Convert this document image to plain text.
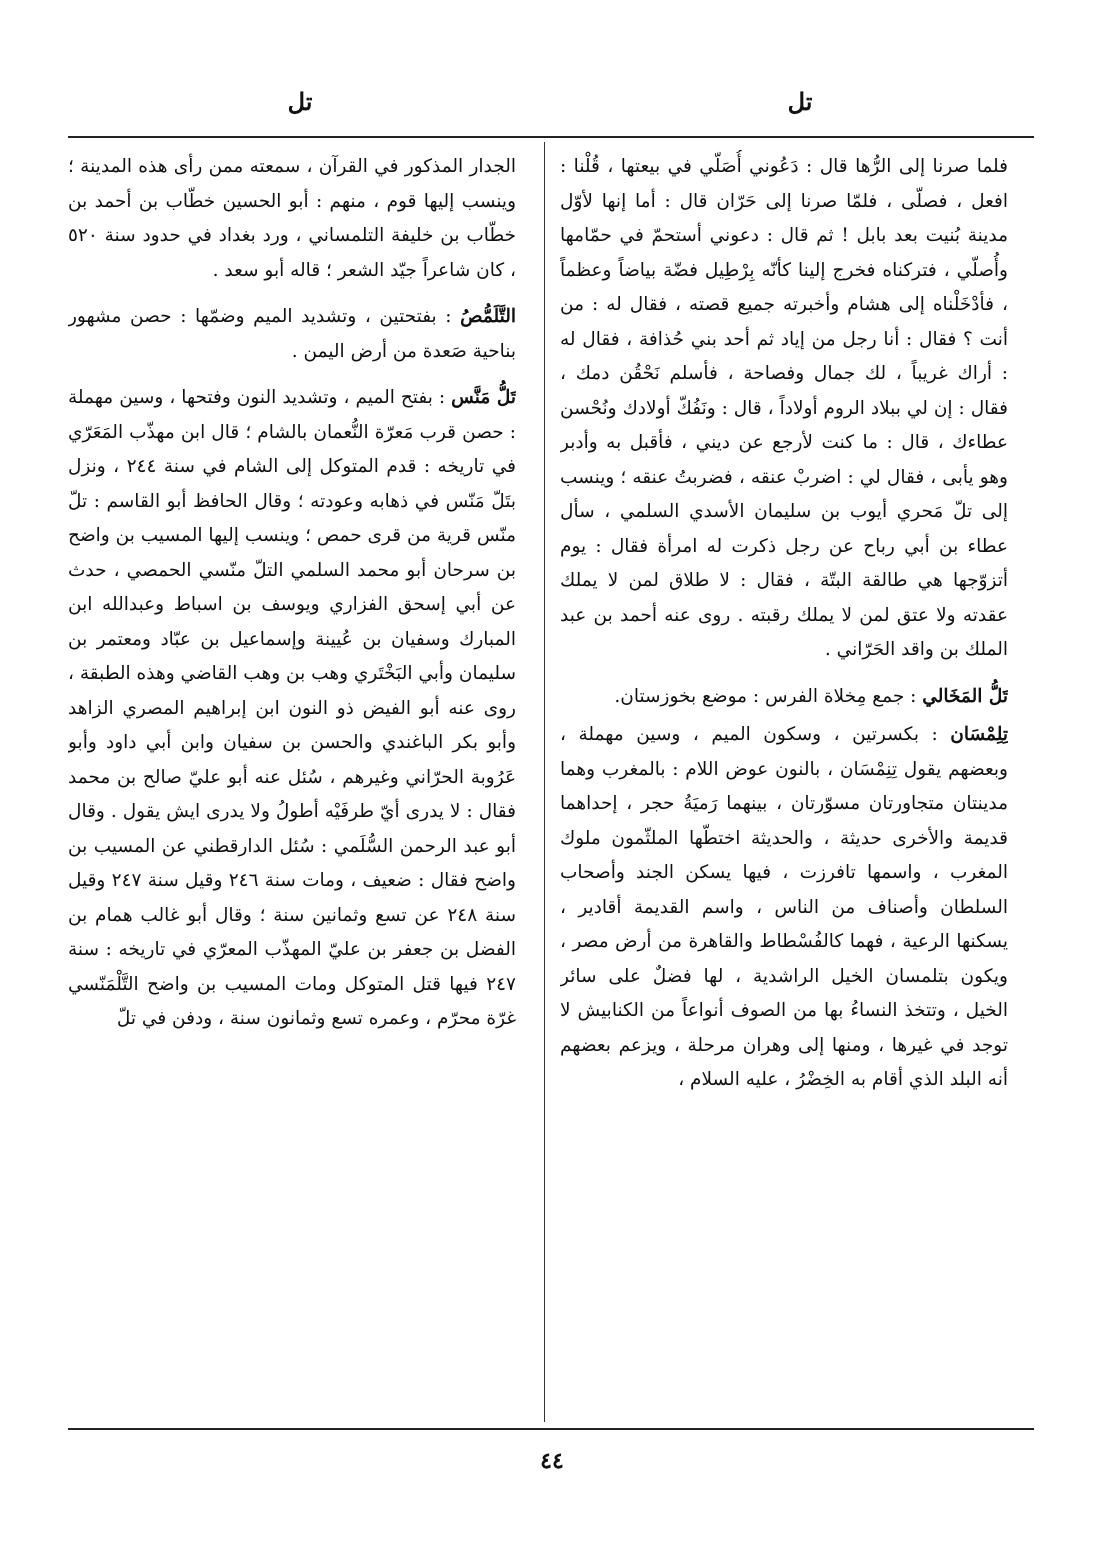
تل
تل

فلما صرنا إلى الرُّها قال : دَعُوني أُصَلّي في بيعتها ، قُلْنا : افعل ، فصلّى ، فلمّا صرنا إلى حَرّان قال : أما إنها لأوّل مدينة بُنيت بعد بابل ! ثم قال : دعوني أستحمّ في حمّامها وأُصلّي ، فتركناه فخرج إلينا كأنّه بِرْطِيل فضّة بياضاً وعظماً ، فأدْخَلْناه إلى هشام وأخبرته جميع قصته ، فقال له : من أنت ؟ فقال : أنا رجل من إياد ثم أحد بني حُذافة ، فقال له : أراك غريباً ، لك جمال وفصاحة ، فأسلم نَحْقُن دمك ، فقال : إن لي ببلاد الروم أولاداً ، قال : ونَفُكّ أولادك ونُحْسن عطاءك ، قال : ما كنت لأرجع عن ديني ، فأقبل به وأدبر وهو يأبى ، فقال لي : اضربْ عنقه ، فضربتُ عنقه ؛ وينسب إلى تلّ مَحري أيوب بن سليمان الأسدي السلمي ، سأل عطاء بن أبي رباح عن رجل ذكرت له امرأة فقال : يوم أتزوّجها هي طالقة البتّة ، فقال : لا طلاق لمن لا يملك عقدته ولا عتق لمن لا يملك رقبته . روى عنه أحمد بن عبد الملك بن واقد الحَرّاني .

تَلُّ المَخَالي : جمع مِخلاة الفرس : موضع بخوزستان.

تِلِمْسَان : بكسرتين ، وسكون الميم ، وسين مهملة ، وبعضهم يقول تِنِمْسَان ، بالنون عوض اللام : بالمغرب وهما مدينتان متجاورتان مسوّرتان ، بينهما رَميَةُ حجر ، إحداهما قديمة والأخرى حديثة ، والحديثة اختطّها الملثّمون ملوك المغرب ، واسمها تافرزت ، فيها يسكن الجند وأصحاب السلطان وأصناف من الناس ، واسم القديمة أقادير ، يسكنها الرعية ، فهما كالفُسْطاط والقاهرة من أرض مصر ، ويكون بتلمسان الخيل الراشدية ، لها فضلٌ على سائر الخيل ، وتتخذ النساءُ بها من الصوف أنواعاً من الكنابيش لا توجد في غيرها ، ومنها إلى وهران مرحلة ، ويزعم بعضهم أنه البلد الذي أقام به الخِضْرُ ، عليه السلام ،

الجدار المذكور في القرآن ، سمعته ممن رأى هذه المدينة ؛ وينسب إليها قوم ، منهم : أبو الحسين خطّاب بن أحمد بن خطّاب بن خليفة التلمساني ، ورد بغداد في حدود سنة ٥٢٠ ، كان شاعراً جيّد الشعر ؛ قاله أبو سعد .

التَّلَمُّصُ : بفتحتين ، وتشديد الميم وضمّها : حصن مشهور بناحية صَعدة من أرض اليمن .

تَلُّ مَنَّس : بفتح الميم ، وتشديد النون وفتحها ، وسين مهملة : حصن قرب مَعرّة النُّعمان بالشام ؛ قال ابن مهذّب المَعَرّي في تاريخه : قدم المتوكل إلى الشام في سنة ٢٤٤ ، ونزل بتَلّ مَنّس في ذهابه وعودته ؛ وقال الحافظ أبو القاسم : تلّ منّس قرية من قرى حمص ؛ وينسب إليها المسيب بن واضح بن سرحان أبو محمد السلمي التلّ منّسي الحمصي ، حدث عن أبي إسحق الفزاري ويوسف بن اسباط وعبدالله ابن المبارك وسفيان بن عُيينة وإسماعيل بن عبّاد ومعتمر بن سليمان وأبي البَخْتَري وهب بن وهب القاضي وهذه الطبقة ، روى عنه أبو الفيض ذو النون ابن إبراهيم المصري الزاهد وأبو بكر الباغندي والحسن بن سفيان وابن أبي داود وأبو عَرُوبة الحرّاني وغيرهم ، سُئل عنه أبو عليّ صالح بن محمد فقال : لا يدرى أيّ طرفَيْه أطولُ ولا يدرى ايش يقول . وقال أبو عبد الرحمن السُّلَمي : سُئل الدارقطني عن المسيب بن واضح فقال : ضعيف ، ومات سنة ٢٤٦ وقيل سنة ٢٤٧ وقيل سنة ٢٤٨ عن تسع وثمانين سنة ؛ وقال أبو غالب همام بن الفضل بن جعفر بن عليّ المهذّب المعرّي في تاريخه : سنة ٢٤٧ فيها قتل المتوكل ومات المسيب بن واضح التَّلْمَنّسي غرّة محرّم ، وعمره تسع وثمانون سنة ، ودفن في تلّ

٤٤
